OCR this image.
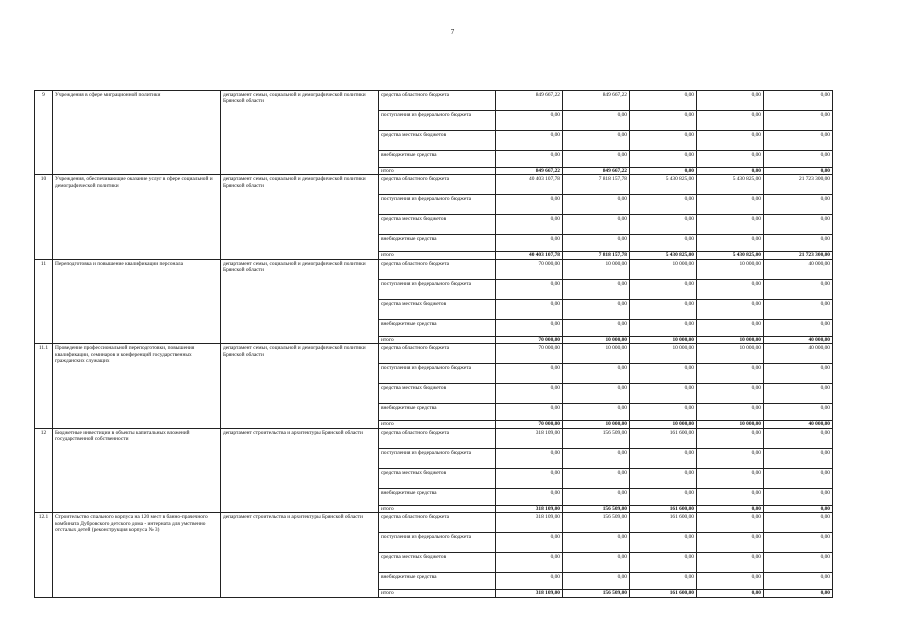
7
9	Учреждения в сфере миграционной политики	департамент семьи, социальной и демографической политики Брянской области	средства областного бюджета	849 667,22	849 667,22	0,00	0,00	0,00
			поступления из федерального бюджета	0,00	0,00	0,00	0,00	0,00
			средства местных бюджетов	0,00	0,00	0,00	0,00	0,00
			внебюджетные средства	0,00	0,00	0,00	0,00	0,00
			итого	849 667,22	849 667,22	0,00	0,00	0,00
10	Учреждения, обеспечивающие оказание услуг в сфере социальной и демографической политики	департамент семьи, социальной и демографической политики Брянской области	средства областного бюджета	40 403 107,78	7 818 157,78	5 430 825,00	5 430 825,00	21 723 300,00
			поступления из федерального бюджета	0,00	0,00	0,00	0,00	0,00
			средства местных бюджетов	0,00	0,00	0,00	0,00	0,00
			внебюджетные средства	0,00	0,00	0,00	0,00	0,00
			итого	40 403 107,78	7 818 157,78	5 430 825,00	5 430 825,00	21 723 300,00
11	Переподготовка и повышение квалификации персонала	департамент семьи, социальной и демографической политики Брянской области	средства областного бюджета	70 000,00	10 000,00	10 000,00	10 000,00	40 000,00
			поступления из федерального бюджета	0,00	0,00	0,00	0,00	0,00
			средства местных бюджетов	0,00	0,00	0,00	0,00	0,00
			внебюджетные средства	0,00	0,00	0,00	0,00	0,00
			итого	70 000,00	10 000,00	10 000,00	10 000,00	40 000,00
11.1	Проведение профессиональной переподготовки, повышения квалификации, семинаров и конференций государственных гражданских служащих	департамент семьи, социальной и демографической политики Брянской области	средства областного бюджета	70 000,00	10 000,00	10 000,00	10 000,00	40 000,00
			поступления из федерального бюджета	0,00	0,00	0,00	0,00	0,00
			средства местных бюджетов	0,00	0,00	0,00	0,00	0,00
			внебюджетные средства	0,00	0,00	0,00	0,00	0,00
			итого	70 000,00	10 000,00	10 000,00	10 000,00	40 000,00
12	Бюджетные инвестиции в объекты капитальных вложений государственной собственности	департамент строительства и архитектуры Брянской области	средства областного бюджета	318 109,00	156 509,00	161 600,00	0,00	0,00
			поступления из федерального бюджета	0,00	0,00	0,00	0,00	0,00
			средства местных бюджетов	0,00	0,00	0,00	0,00	0,00
			внебюджетные средства	0,00	0,00	0,00	0,00	0,00
			итого	318 109,00	156 509,00	161 600,00	0,00	0,00
12.1	Строительство спального корпуса на 120 мест в банно-прачечного комбината Дубровского детского дома - интерната для умственно отсталых детей (реконструкция корпуса № 3)	департамент строительства и архитектуры Брянской области	средства областного бюджета	318 109,00	156 509,00	161 600,00	0,00	0,00
			поступления из федерального бюджета	0,00	0,00	0,00	0,00	0,00
			средства местных бюджетов	0,00	0,00	0,00	0,00	0,00
			внебюджетные средства	0,00	0,00	0,00	0,00	0,00
			итого	318 109,00	156 509,00	161 600,00	0,00	0,00
